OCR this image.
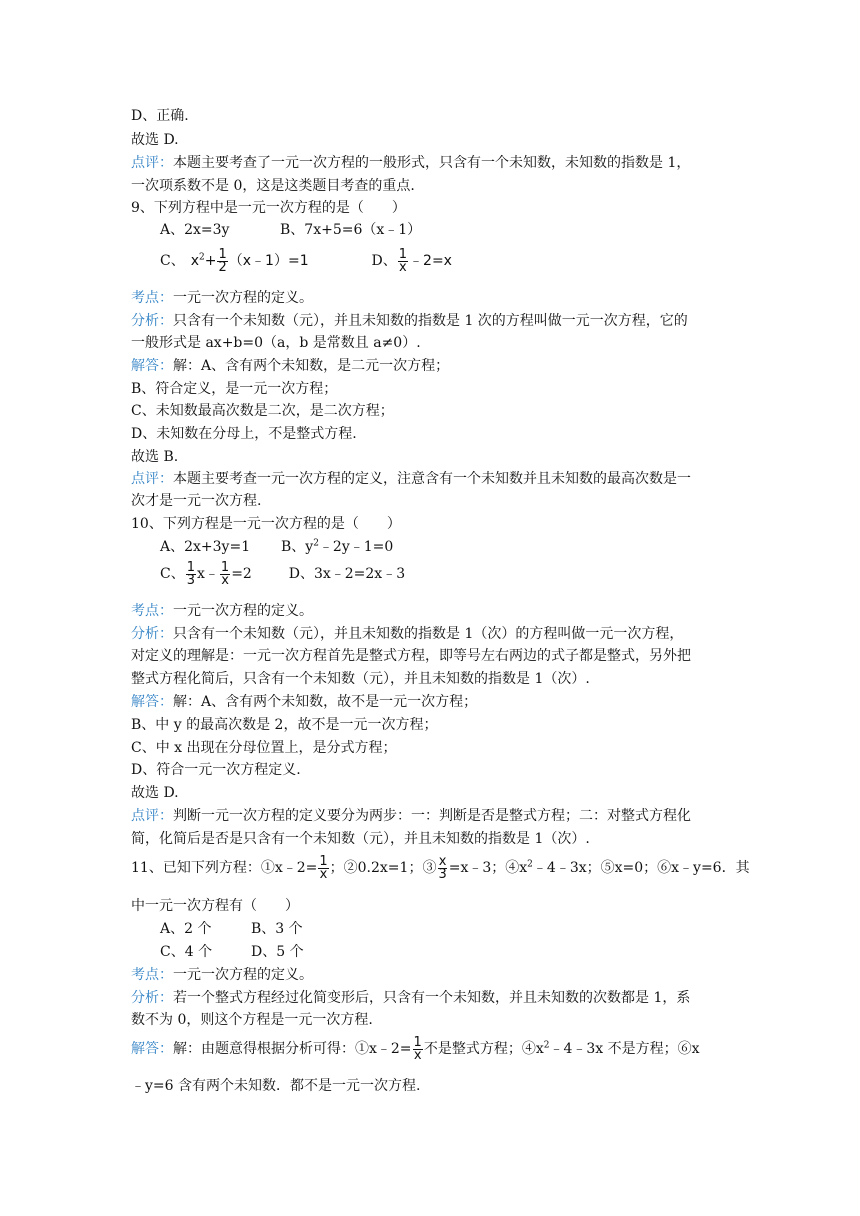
D、正确.
故选 D.
点评：本题主要考查了一元一次方程的一般形式，只含有一个未知数，未知数的指数是 1，
一次项系数不是 0，这是这类题目考查的重点.
9、下列方程中是一元一次方程的是（　　）
A、2x=3y	B、7x+5=6（x﹣1）
C、 $x^2+ \frac{1}{2}$ （x﹣1）=1	D、 $\frac{1}{x}$ ﹣2=x
考点：一元一次方程的定义。
分析：只含有一个未知数（元），并且未知数的指数是 1 次的方程叫做一元一次方程，它的
一般形式是 ax+b=0（a，b 是常数且 a≠0）.
解答：解：A、含有两个未知数，是二元一次方程；
B、符合定义，是一元一次方程；
C、未知数最高次数是二次，是二次方程；
D、未知数在分母上，不是整式方程.
故选 B.
点评：本题主要考查一元一次方程的定义，注意含有一个未知数并且未知数的最高次数是一
次才是一元一次方程.
10、下列方程是一元一次方程的是（　　）
A、2x+3y=1 B、$y^2﹣2y﹣1=0$
C、 $\frac{1}{3}$ x﹣ $\frac{1}{x} =2$	D、3x﹣2=2x﹣3
考点：一元一次方程的定义。
分析：只含有一个未知数（元），并且未知数的指数是 1（次）的方程叫做一元一次方程，
对定义的理解是：一元一次方程首先是整式方程，即等号左右两边的式子都是整式，另外把
整式方程化简后，只含有一个未知数（元），并且未知数的指数是 1（次）.
解答：解：A、含有两个未知数，故不是一元一次方程；
B、中 y 的最高次数是 2，故不是一元一次方程；
C、中 x 出现在分母位置上，是分式方程；
D、符合一元一次方程定义.
故选 D.
点评：判断一元一次方程的定义要分为两步：一：判断是否是整式方程；二：对整式方程化
简，化简后是否是只含有一个未知数（元），并且未知数的指数是 1（次）.
11、已知下列方程：①x﹣2= $\frac{1}{x}$ ；②0.2x=1；③ $\frac{x}{3}$ =x﹣3；$④x^2﹣4﹣3x$；⑤x=0；⑥x﹣y=6．其
中一元一次方程有（　　）
A、2 个	B、3 个
C、4 个	D、5 个
考点：一元一次方程的定义。
分析：若一个整式方程经过化简变形后，只含有一个未知数，并且未知数的次数都是 1，系
数不为 0，则这个方程是一元一次方程.
解答：解：由题意得根据分析可得：①x﹣2= $\frac{1}{x}$ 不是整式方程；$④x^2﹣4﹣3x$ 不是方程；⑥x
﹣y=6 含有两个未知数．都不是一元一次方程.
